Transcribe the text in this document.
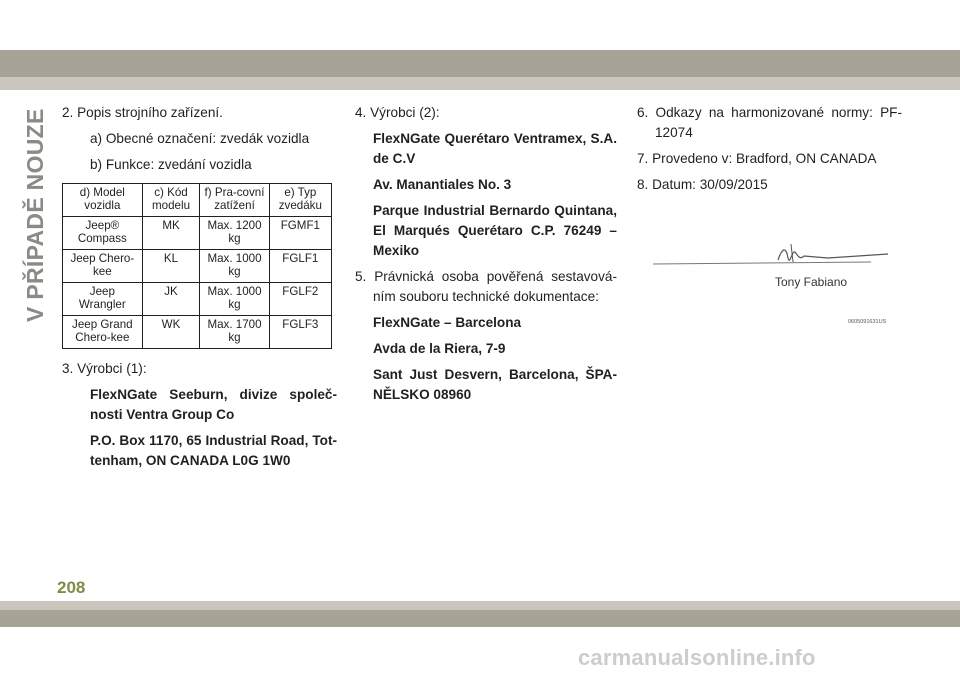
V PŘÍPADĚ NOUZE 2. Popis strojního zařízení.
a) Obecné označení: zvedák vozidla
b) Funkce: zvedání vozidla
d) Model vozidla	c) Kód modelu	f) Pra-covní zatížení	e) Typ zvedáku
Jeep® Compass	MK	Max. 1200 kg	FGMF1
Jeep Chero-kee	KL	Max. 1000 kg	FGLF1
Jeep Wrangler	JK	Max. 1000 kg	FGLF2
Jeep Grand Chero-kee	WK	Max. 1700 kg	FGLF3
3. Výrobci (1):
FlexNGate Seeburn, divize společ-nosti Ventra Group Co
P.O. Box 1170, 65 Industrial Road, Tot-tenham, ON CANADA L0G 1W0
4. Výrobci (2):
FlexNGate Querétaro Ventramex, S.A. de C.V
Av. Manantiales No. 3
Parque Industrial Bernardo Quintana, El Marqués Querétaro C.P. 76249 – Mexiko
5. Právnická osoba pověřená sestavová-ním souboru technické dokumentace:
FlexNGate – Barcelona
Avda de la Riera, 7-9
Sant Just Desvern, Barcelona, ŠPA-NĚLSKO 08960
6. Odkazy na harmonizované normy: PF-12074
7. Provedeno v: Bradford, ON CANADA
8. Datum: 30/09/2015
Tony Fabiano
0605091631US
208
carmanualsonline.info
